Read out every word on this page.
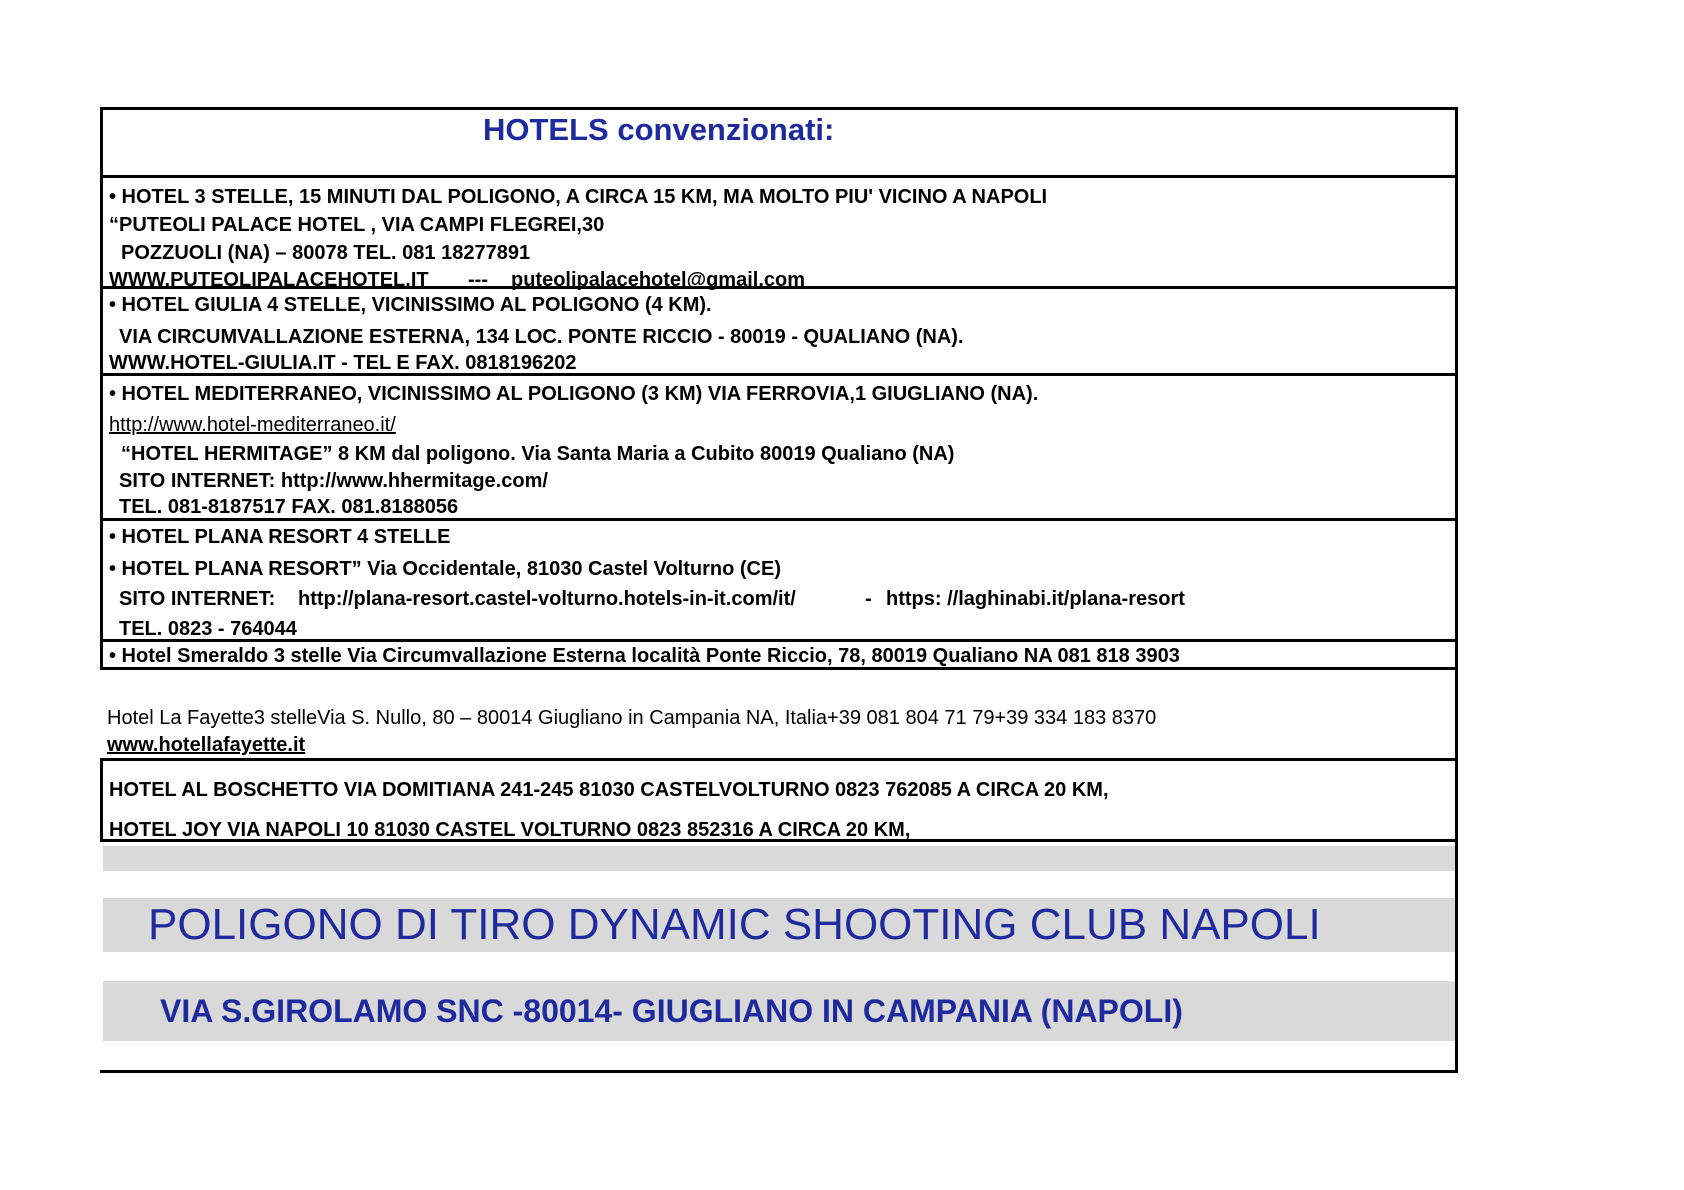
HOTELS convenzionati:
• HOTEL 3 STELLE, 15 MINUTI DAL POLIGONO, A CIRCA 15 KM, MA MOLTO PIU' VICINO A NAPOLI
“PUTEOLI PALACE HOTEL , VIA CAMPI FLEGREI,30
POZZUOLI (NA) – 80078 TEL. 081 18277891
WWW.PUTEOLIPALACEHOTEL.IT --- puteolipalacehotel@gmail.com
• HOTEL GIULIA 4 STELLE, VICINISSIMO AL POLIGONO (4 KM).
VIA CIRCUMVALLAZIONE ESTERNA, 134 LOC. PONTE RICCIO - 80019 - QUALIANO (NA).
WWW.HOTEL-GIULIA.IT - TEL E FAX. 0818196202
• HOTEL MEDITERRANEO, VICINISSIMO AL POLIGONO (3 KM) VIA FERROVIA,1 GIUGLIANO (NA).
http://www.hotel-mediterraneo.it/
“HOTEL HERMITAGE” 8 KM dal poligono. Via Santa Maria a Cubito 80019 Qualiano (NA)
SITO INTERNET: http://www.hhermitage.com/
TEL. 081-8187517 FAX. 081.8188056
• HOTEL PLANA RESORT 4 STELLE
• HOTEL PLANA RESORT” Via Occidentale, 81030 Castel Volturno (CE)
SITO INTERNET: http://plana-resort.castel-volturno.hotels-in-it.com/it/	- https: //laghinabi.it/plana-resort
TEL. 0823 - 764044
• Hotel Smeraldo 3 stelle Via Circumvallazione Esterna località Ponte Riccio, 78, 80019 Qualiano NA 081 818 3903
Hotel La Fayette3 stelleVia S. Nullo, 80 – 80014 Giugliano in Campania NA, Italia+39 081 804 71 79+39 334 183 8370
www.hotellafayette.it
HOTEL AL BOSCHETTO VIA DOMITIANA 241-245 81030 CASTELVOLTURNO 0823 762085 A CIRCA 20 KM,
HOTEL JOY VIA NAPOLI 10 81030 CASTEL VOLTURNO 0823 852316 A CIRCA 20 KM,
POLIGONO DI TIRO DYNAMIC SHOOTING CLUB NAPOLI
VIA S.GIROLAMO SNC -80014- GIUGLIANO IN CAMPANIA (NAPOLI)
